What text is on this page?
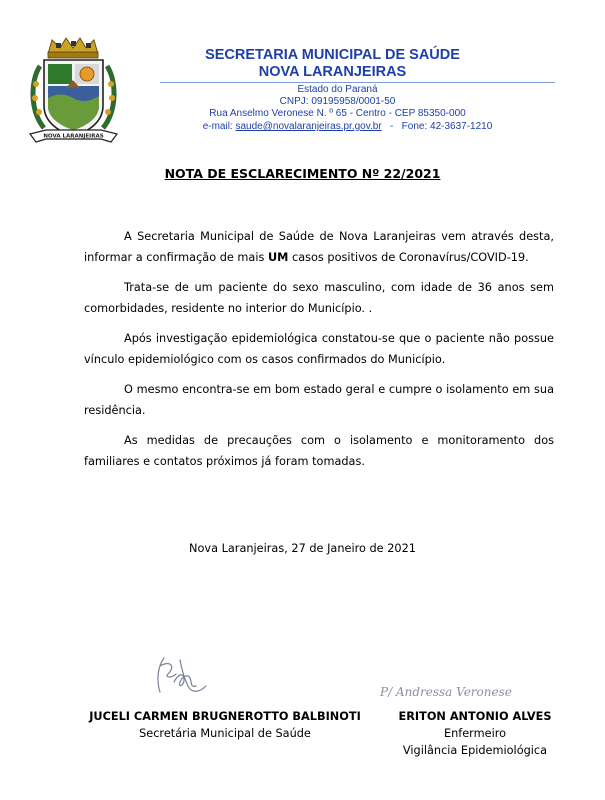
NOVA LARANJEIRAS
SECRETARIA MUNICIPAL DE SAÚDE
NOVA LARANJEIRAS
Estado do Paraná
CNPJ: 09195958/0001-50
Rua Anselmo Veronese N. º 65 - Centro - CEP 85350-000
e-mail: saude@novalaranjeiras.pr.gov.br   -   Fone: 42-3637-1210
NOTA DE ESCLARECIMENTO Nº 22/2021

A Secretaria Municipal de Saúde de Nova Laranjeiras vem através desta, informar a confirmação de mais UM casos positivos de Coronavírus/COVID-19.

Trata-se de um paciente do sexo masculino, com idade de 36 anos sem comorbidades, residente no interior do Município. .

Após investigação epidemiológica constatou-se que o paciente não possue vínculo epidemiológico com os casos confirmados do Município.

O mesmo encontra-se em bom estado geral e cumpre o isolamento em sua residência.

As medidas de precauções com o isolamento e monitoramento dos familiares e contatos próximos já foram tomadas.

Nova Laranjeiras, 27 de Janeiro de 2021
P/ Andressa Veronese
JUCELI CARMEN BRUGNEROTTO BALBINOTI
Secretária Municipal de Saúde
ERITON ANTONIO ALVES
Enfermeiro
Vigilância Epidemiológica
